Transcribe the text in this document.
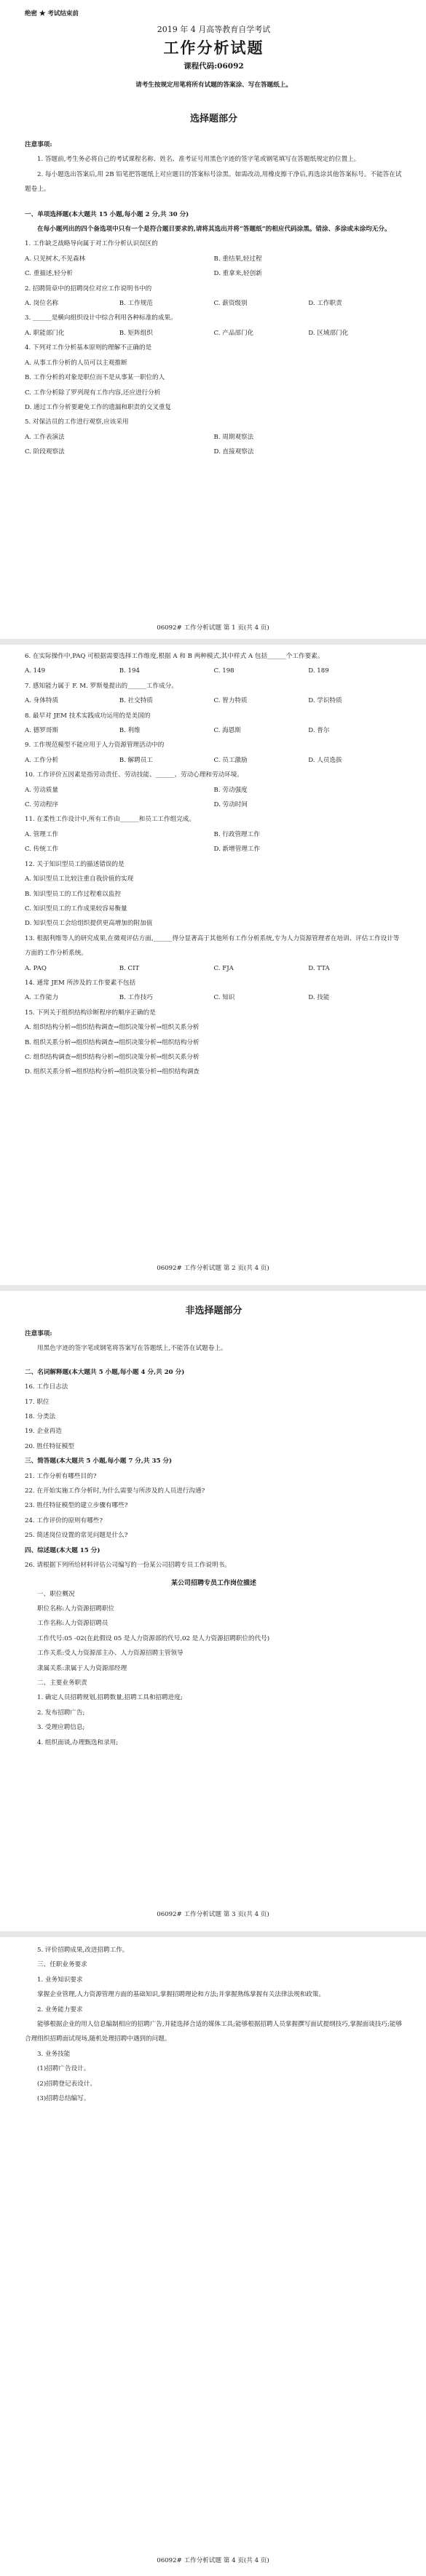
绝密 ★ 考试结束前
2019 年 4 月高等教育自学考试
工作分析试题
课程代码:06092
请考生按规定用笔将所有试题的答案涂、写在答题纸上。
选择题部分
注意事项:
1. 答题前,考生务必将自己的考试课程名称、姓名、准考证号用黑色字迹的签字笔或钢笔填写在答题纸规定的位置上。
2. 每小题选出答案后,用 2B 铅笔把答题纸上对应题目的答案标号涂黑。如需改动,用橡皮擦干净后,再选涂其他答案标号。不能答在试题卷上。
一、单项选择题(本大题共 15 小题,每小题 2 分,共 30 分)
在每小题列出的四个备选项中只有一个是符合题目要求的,请将其选出并将“答题纸”的相应代码涂黑。错涂、多涂或未涂均无分。
1. 工作缺乏战略导向属于对工作分析认识误区的
A. 只见树木,不见森林	B. 重结果,轻过程
C. 重描述,轻分析	D. 重拿来,轻创新
2. 招聘简章中的招聘岗位对应工作说明书中的
A. 岗位名称	B. 工作规范	C. 薪资级别	D. 工作职责
3. ______是横向组织设计中综合利用各种标准的成果。
A. 职能部门化	B. 矩阵组织	C. 产品部门化	D. 区域部门化
4. 下列对工作分析基本原则的理解不正确的是
A. 从事工作分析的人员可以主观推断
B. 工作分析的对象是职位而不是从事某一职位的人
C. 工作分析除了罗列现有工作内容,还应进行分析
D. 通过工作分析要避免工作的遗漏和职责的交叉重复
5. 对保洁员的工作进行观察,应该采用
A. 工作表演法	B. 周期观察法
C. 阶段观察法	D. 直接观察法
06092# 工作分析试题 第 1 页(共 4 页)
6. 在实际操作中,PAQ 可根据需要选择工作维度,根据 A 和 B 两种模式,其中样式 A 包括______个工作要素。
A. 149	B. 194	C. 198	D. 189
7. 感知能力属于 F. M. 罗斯曼提出的______工作成分。
A. 身体特质	B. 社交特质	C. 智力特质	D. 学识特质
8. 最早对 JEM 技术实践成功运用的是美国的
A. 德罗哥斯	B. 利维	C. 海恩斯	D. 普尔
9. 工作规范模型不能应用于人力资源管理活动中的
A. 工作分析	B. 解聘员工	C. 员工激励	D. 人员选拔
10. 工作评价五因素是指劳动责任、劳动技能、______、劳动心理和劳动环境。
A. 劳动质量	B. 劳动强度
C. 劳动程序	D. 劳动时间
11. 在柔性工作设计中,所有工作由______和员工工作组完成。
A. 管理工作	B. 行政管理工作
C. 传统工作	D. 新增管理工作
12. 关于知识型员工的描述错误的是
A. 知识型员工比较注重自我价值的实现
B. 知识型员工的工作过程难以监控
C. 知识型员工的工作成果较容易衡量
D. 知识型员工会给组织提供更高增加的附加值
13. 根据利维等人的研究成果,在微观评估方面,______得分显著高于其他所有工作分析系统,专为人力资源管理者在培训、评估工作设计等方面的工作分析系统。
A. PAQ	B. CIT	C. FJA	D. TTA
14. 通常 JEM 所涉及的工作要素不包括
A. 工作能力	B. 工作技巧	C. 知识	D. 技能
15. 下列关于组织结构诊断程序的顺序正确的是
A. 组织结构分析→组织结构调查→组织决策分析→组织关系分析
B. 组织关系分析→组织结构调查→组织决策分析→组织结构分析
C. 组织结构调查→组织结构分析→组织决策分析→组织关系分析
D. 组织关系分析→组织结构分析→组织决策分析→组织结构调查
06092# 工作分析试题 第 2 页(共 4 页)
非选择题部分
注意事项:
用黑色字迹的签字笔或钢笔将答案写在答题纸上,不能答在试题卷上。
二、名词解释题(本大题共 5 小题,每小题 4 分,共 20 分)
16. 工作日志法
17. 职位
18. 分类法
19. 企业再造
20. 胜任特征模型
三、简答题(本大题共 5 小题,每小题 7 分,共 35 分)
21. 工作分析有哪些目的?
22. 在开始实施工作分析时,为什么需要与所涉及的人员进行沟通?
23. 胜任特征模型的建立步骤有哪些?
24. 工作评价的原则有哪些?
25. 简述岗位设置的常见问题是什么?
四、综述题(本大题 15 分)
26. 请根据下列所给材料评估公司编写的一份某公司招聘专员工作说明书。
某公司招聘专员工作岗位描述
一、职位概况
职位名称:人力资源招聘职位
工作名称:人力资源招聘员
工作代号:05 -02(在此假设 05 是人力资源部的代号,02 是人力资源招聘职位的代号)
工作关系:受人力资源部主办、人力资源招聘主管领导
隶属关系:隶属于人力资源部经理
二、主要业务职责
1. 确定人员招聘规划,招聘数量,招聘工具和招聘进度;
2. 发布招聘广告;
3. 受理应聘信息;
4. 组织面谈,办理甄选和录用;
06092# 工作分析试题 第 3 页(共 4 页)
5. 评价招聘成果,改进招聘工作。
三、任职业务要求
1. 业务知识要求
掌握企业管理,人力资源管理方面的基础知识,掌握招聘理论和方法;并掌握熟练掌握有关法律法规和政策。
2. 业务能力要求
能够根据企业的用人信息编制相应的招聘广告,并能选择合适的媒体工具;能够根据招聘人员掌握撰写面试提纲技巧,掌握面谈技巧;能够合理组织招聘面试现场,随机处理招聘中遇到的问题。
3. 业务技能
(1)招聘广告设计。
(2)招聘登记表设计。
(3)招聘总结编写。
06092# 工作分析试题 第 4 页(共 4 页)
